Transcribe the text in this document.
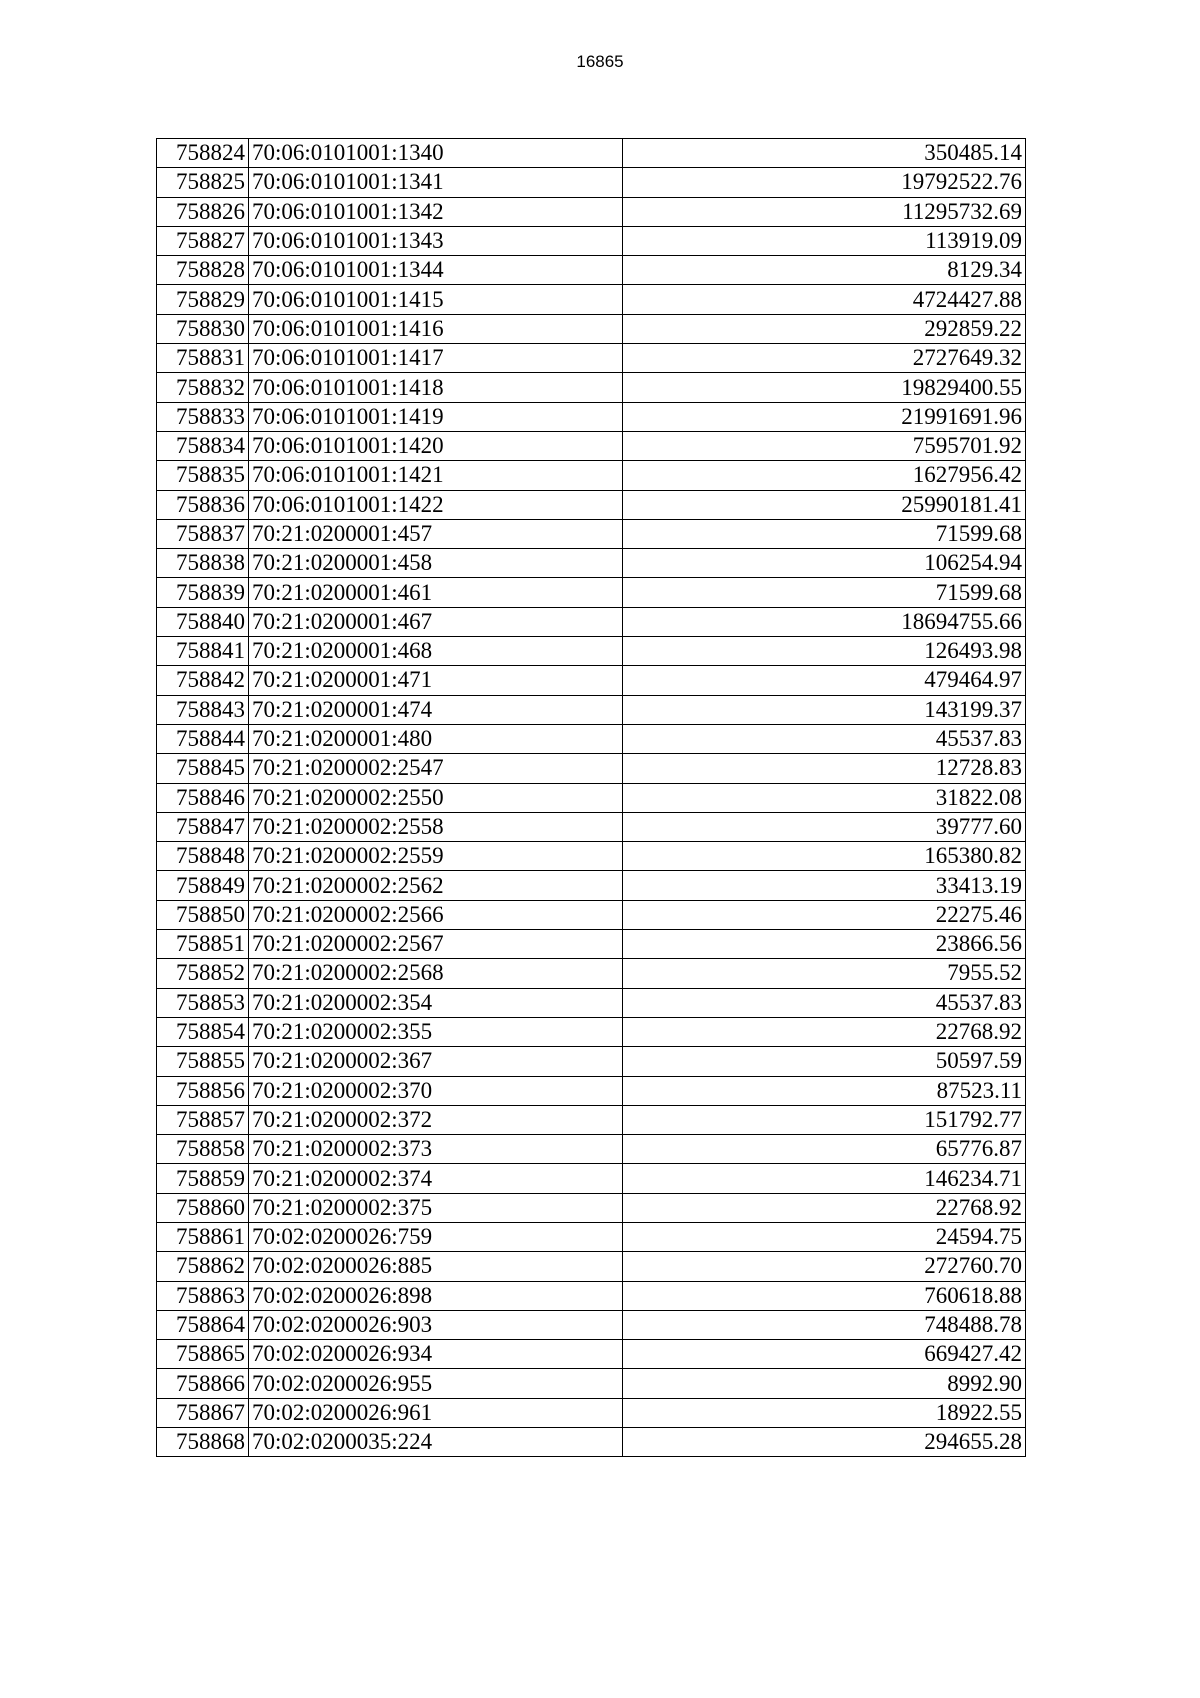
16865
758824	70:06:0101001:1340	350485.14
758825	70:06:0101001:1341	19792522.76
758826	70:06:0101001:1342	11295732.69
758827	70:06:0101001:1343	113919.09
758828	70:06:0101001:1344	8129.34
758829	70:06:0101001:1415	4724427.88
758830	70:06:0101001:1416	292859.22
758831	70:06:0101001:1417	2727649.32
758832	70:06:0101001:1418	19829400.55
758833	70:06:0101001:1419	21991691.96
758834	70:06:0101001:1420	7595701.92
758835	70:06:0101001:1421	1627956.42
758836	70:06:0101001:1422	25990181.41
758837	70:21:0200001:457	71599.68
758838	70:21:0200001:458	106254.94
758839	70:21:0200001:461	71599.68
758840	70:21:0200001:467	18694755.66
758841	70:21:0200001:468	126493.98
758842	70:21:0200001:471	479464.97
758843	70:21:0200001:474	143199.37
758844	70:21:0200001:480	45537.83
758845	70:21:0200002:2547	12728.83
758846	70:21:0200002:2550	31822.08
758847	70:21:0200002:2558	39777.60
758848	70:21:0200002:2559	165380.82
758849	70:21:0200002:2562	33413.19
758850	70:21:0200002:2566	22275.46
758851	70:21:0200002:2567	23866.56
758852	70:21:0200002:2568	7955.52
758853	70:21:0200002:354	45537.83
758854	70:21:0200002:355	22768.92
758855	70:21:0200002:367	50597.59
758856	70:21:0200002:370	87523.11
758857	70:21:0200002:372	151792.77
758858	70:21:0200002:373	65776.87
758859	70:21:0200002:374	146234.71
758860	70:21:0200002:375	22768.92
758861	70:02:0200026:759	24594.75
758862	70:02:0200026:885	272760.70
758863	70:02:0200026:898	760618.88
758864	70:02:0200026:903	748488.78
758865	70:02:0200026:934	669427.42
758866	70:02:0200026:955	8992.90
758867	70:02:0200026:961	18922.55
758868	70:02:0200035:224	294655.28
